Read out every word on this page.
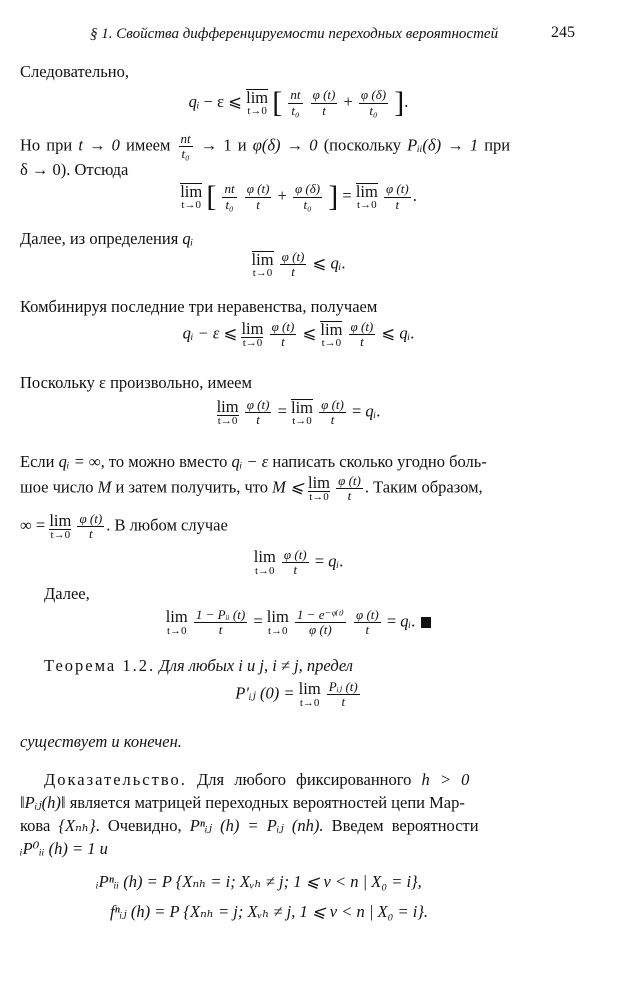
§ 1. Свойства дифференцируемости переходных вероятностей	245
Следовательно,
qᵢ − ε ⩽ lim
t→0 [ $\frac{nt}{\text{t₀}}$
$\frac{\varphi (t)}{t} + \frac{\varphi (\delta)}{\text{t₀}}$ ].
Но при t → 0 имеем $\frac{nt}{\text{t₀}} \to 1$ и φ(δ) → 0 (поскольку Pᵢᵢ(δ) → 1 при
δ → 0). Отсюда
lim
t→0 [ $\frac{nt}{\text{t₀}}$
$\frac{\varphi (t)}{t} + \frac{\varphi (\delta)}{\text{t₀}}$ ] = lim
t→0
$\frac{\varphi (t)}{t}$ .
Далее, из определения qᵢ
lim
t→0
$\frac{\varphi (t)}{t}$ ⩽ qᵢ.
Комбинируя последние три неравенства, получаем
qᵢ − ε ⩽ lim
t→0
$\frac{\varphi (t)}{t}$ ⩽ lim
t→0
$\frac{\varphi (t)}{t}$ ⩽ qᵢ.
Поскольку ε произвольно, имеем
lim
t→0
$\frac{\varphi (t)}{t} = \lim$
t→0
$\frac{\varphi (t)}{t}$ = qᵢ.
Если qᵢ = ∞, то можно вместо qᵢ − ε написать сколько угодно боль-
шое число M и затем получить, что M ⩽ lim
t→0
$\frac{\varphi (t)}{t}$ . Таким образом,
∞ = lim
t→0
$\frac{\varphi (t)}{t}$ . В любом случае
lim
t→0
$\frac{\varphi (t)}{t}$ = qᵢ.
Далее,
lim
t→0
$\frac{\text{1 − Pᵢᵢ (t)}}{t} = \lim$
t→0
$\frac{\text{1 − e⁻ᵠ⁽ᵗ⁾}}{\varphi (t)}$
$\frac{\varphi (t)}{t}$ = qᵢ.
Теорема 1.2. Для любых i и j, i ≠ j, предел
P′ᵢⱼ (0) = lim
t→0
$\frac{\text{Pᵢⱼ (t)}}{t}$
существует и конечен.
Доказательство. Для любого фиксированного h > 0
‖Pᵢⱼ(h)‖ является матрицей переходных вероятностей цепи Мар-
кова {Xₙₕ}. Очевидно, Pⁿᵢⱼ (h) = Pᵢⱼ (nh). Введем вероятности
ᵢP⁰ᵢᵢ (h) = 1 и
ᵢPⁿᵢᵢ (h) = P {Xₙₕ = i; Xᵥₕ ≠ j; 1 ⩽ v < n | X₀ = i},
fⁿᵢⱼ (h) = P {Xₙₕ = j; Xᵥₕ ≠ j, 1 ⩽ v < n | X₀ = i}.
